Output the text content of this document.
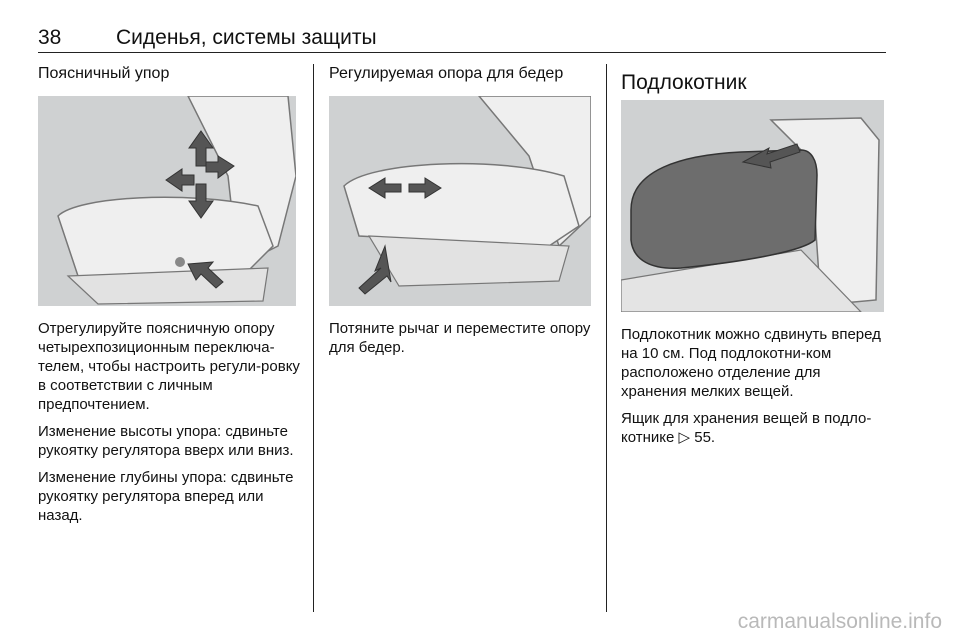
38	Сиденья, системы защиты
Поясничный упор

Отрегулируйте поясничную опору четырехпозиционным переключа-телем, чтобы настроить регули-ровку в соответствии с личным предпочтением.

Изменение высоты упора: сдвиньте рукоятку регулятора вверх или вниз.

Изменение глубины упора: сдвиньте рукоятку регулятора вперед или назад.

Регулируемая опора для бедер

Потяните рычаг и переместите опору для бедер.

Подлокотник

Подлокотник можно сдвинуть вперед на 10 см. Под подлокотни-ком расположено отделение для хранения мелких вещей.

Ящик для хранения вещей в подло-котнике ▷ 55.

carmanualsonline.info
